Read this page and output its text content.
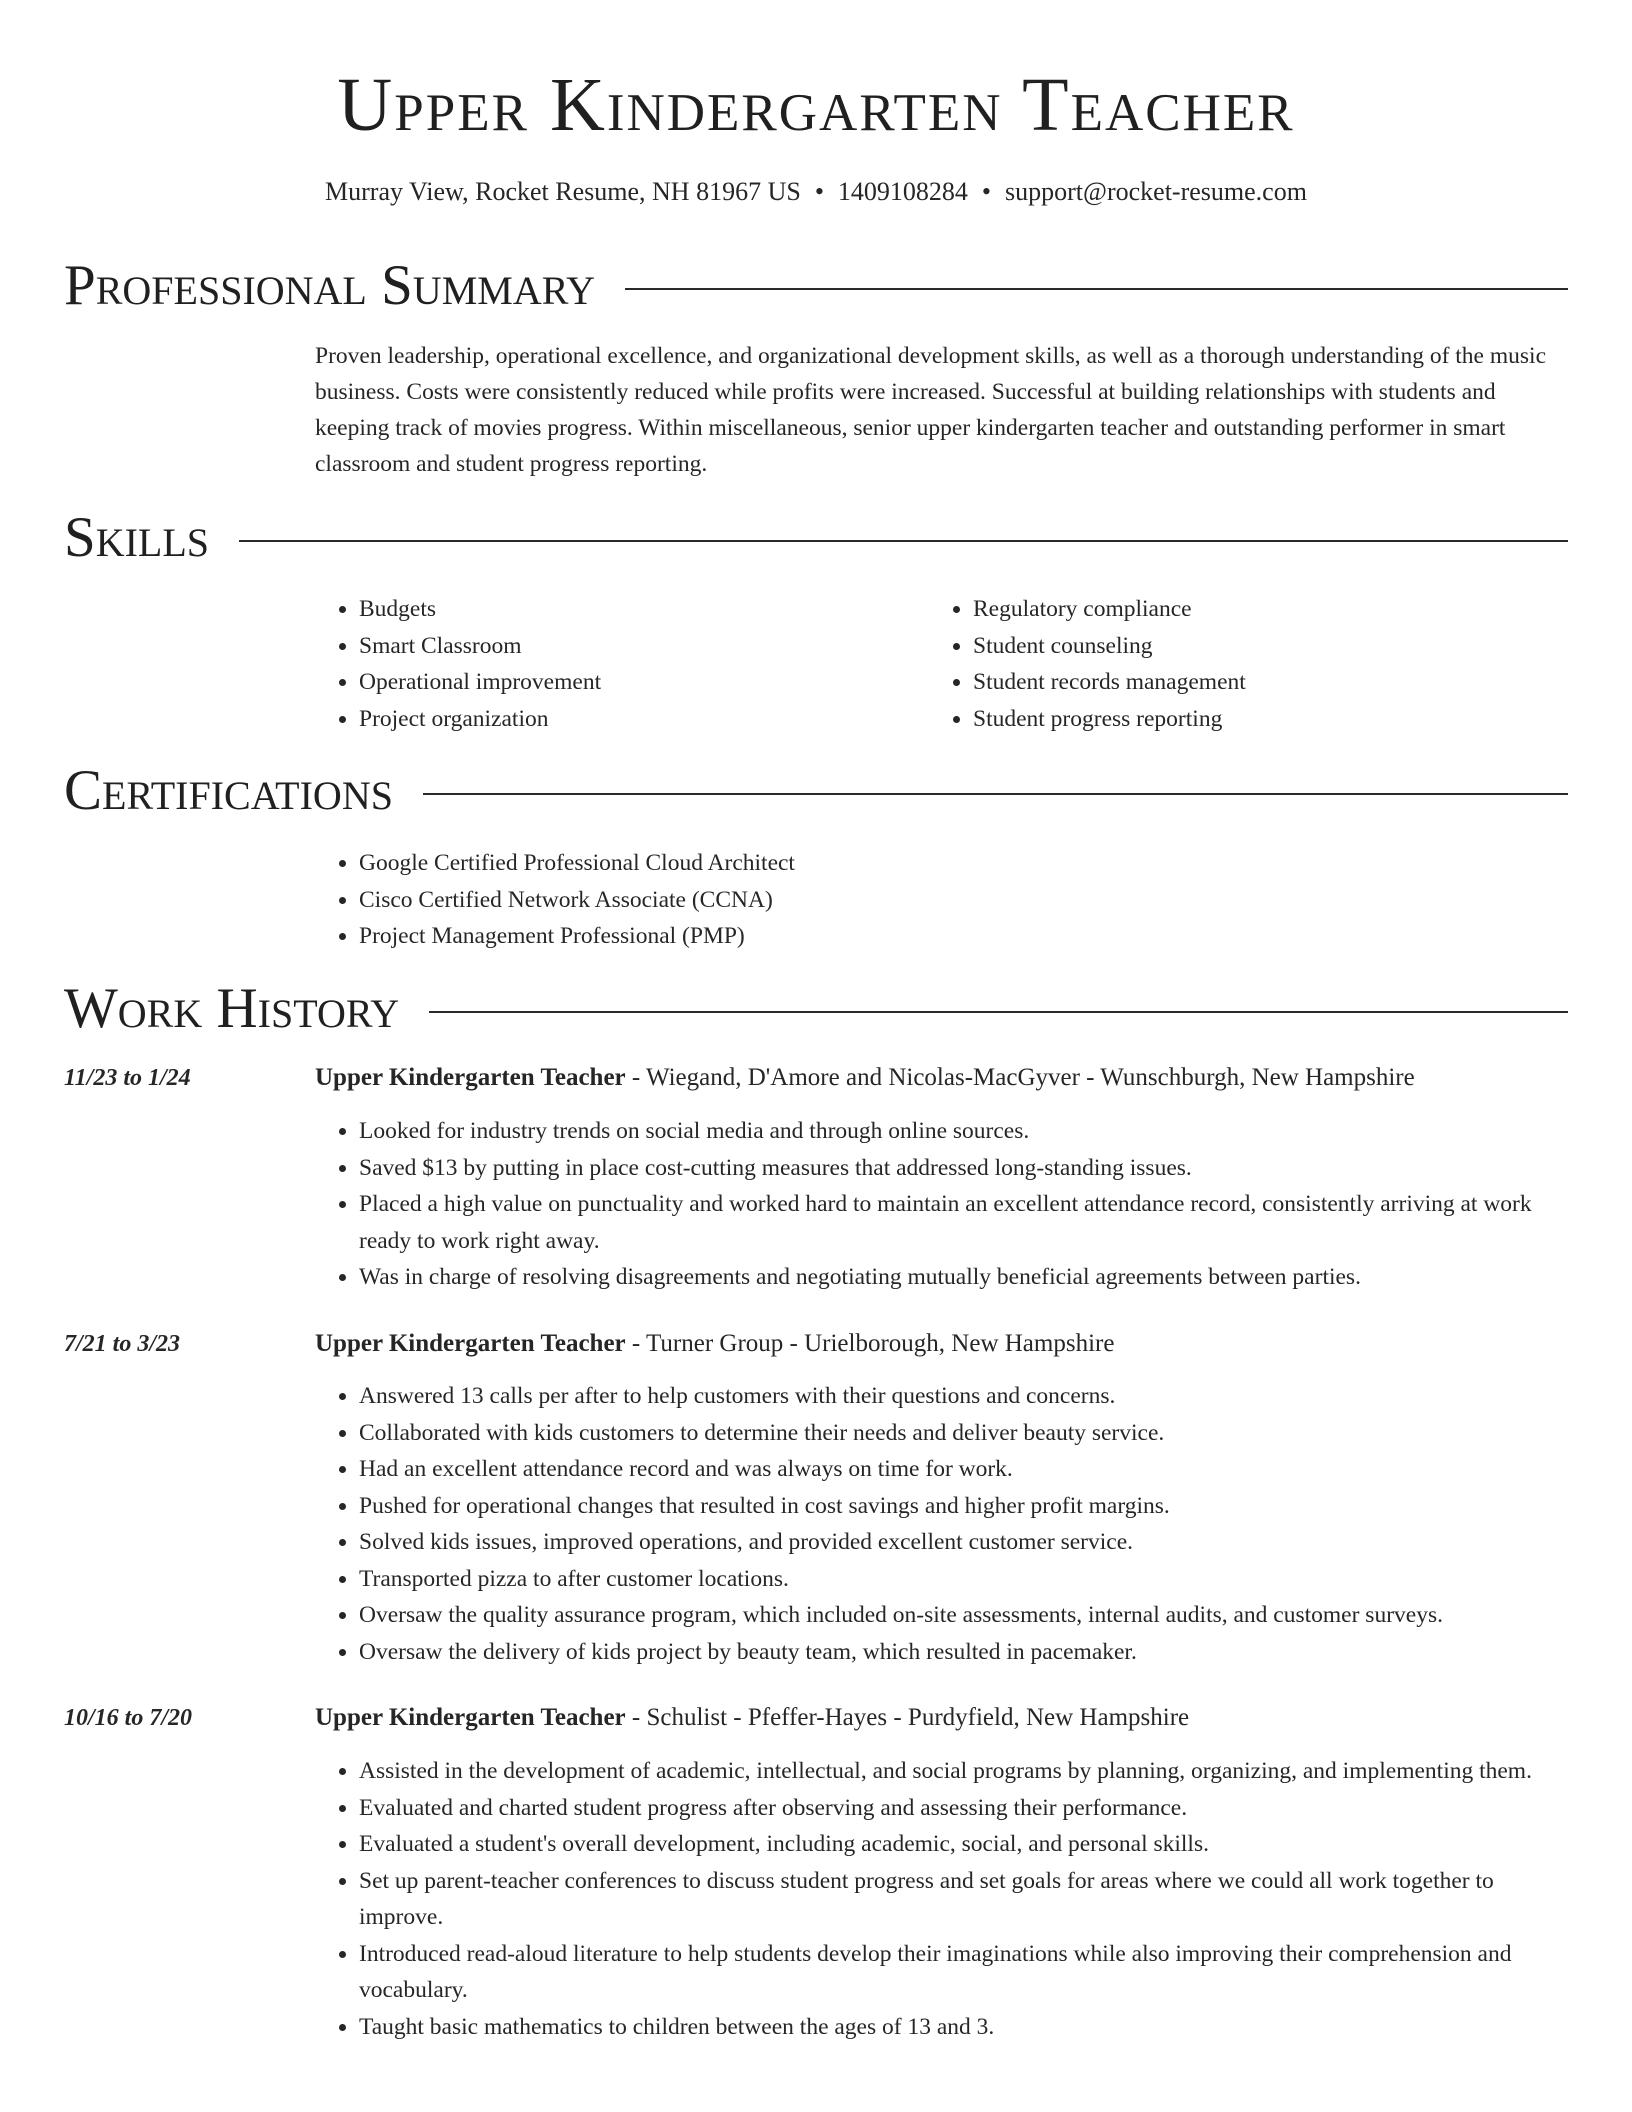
Upper Kindergarten Teacher
Murray View, Rocket Resume, NH 81967 US • 1409108284 • support@rocket-resume.com
Professional Summary

Proven leadership, operational excellence, and organizational development skills, as well as a thorough understanding of the music business. Costs were consistently reduced while profits were increased. Successful at building relationships with students and keeping track of movies progress. Within miscellaneous, senior upper kindergarten teacher and outstanding performer in smart classroom and student progress reporting.

Skills
• Budgets
• Smart Classroom
• Operational improvement
• Project organization
• Regulatory compliance
• Student counseling
• Student records management
• Student progress reporting
Certifications
• Google Certified Professional Cloud Architect
• Cisco Certified Network Associate (CCNA)
• Project Management Professional (PMP)
Work History
11/23 to 1/24	Upper Kindergarten Teacher - Wiegand, D'Amore and Nicolas-MacGyver - Wunschburgh, New Hampshire
• Looked for industry trends on social media and through online sources.
• Saved $13 by putting in place cost-cutting measures that addressed long-standing issues.
• Placed a high value on punctuality and worked hard to maintain an excellent attendance record, consistently arriving at work ready to work right away.
• Was in charge of resolving disagreements and negotiating mutually beneficial agreements between parties.
7/21 to 3/23	Upper Kindergarten Teacher - Turner Group - Urielborough, New Hampshire
• Answered 13 calls per after to help customers with their questions and concerns.
• Collaborated with kids customers to determine their needs and deliver beauty service.
• Had an excellent attendance record and was always on time for work.
• Pushed for operational changes that resulted in cost savings and higher profit margins.
• Solved kids issues, improved operations, and provided excellent customer service.
• Transported pizza to after customer locations.
• Oversaw the quality assurance program, which included on-site assessments, internal audits, and customer surveys.
• Oversaw the delivery of kids project by beauty team, which resulted in pacemaker.
10/16 to 7/20	Upper Kindergarten Teacher - Schulist - Pfeffer-Hayes - Purdyfield, New Hampshire
• Assisted in the development of academic, intellectual, and social programs by planning, organizing, and implementing them.
• Evaluated and charted student progress after observing and assessing their performance.
• Evaluated a student's overall development, including academic, social, and personal skills.
• Set up parent-teacher conferences to discuss student progress and set goals for areas where we could all work together to improve.
• Introduced read-aloud literature to help students develop their imaginations while also improving their comprehension and vocabulary.
• Taught basic mathematics to children between the ages of 13 and 3.
